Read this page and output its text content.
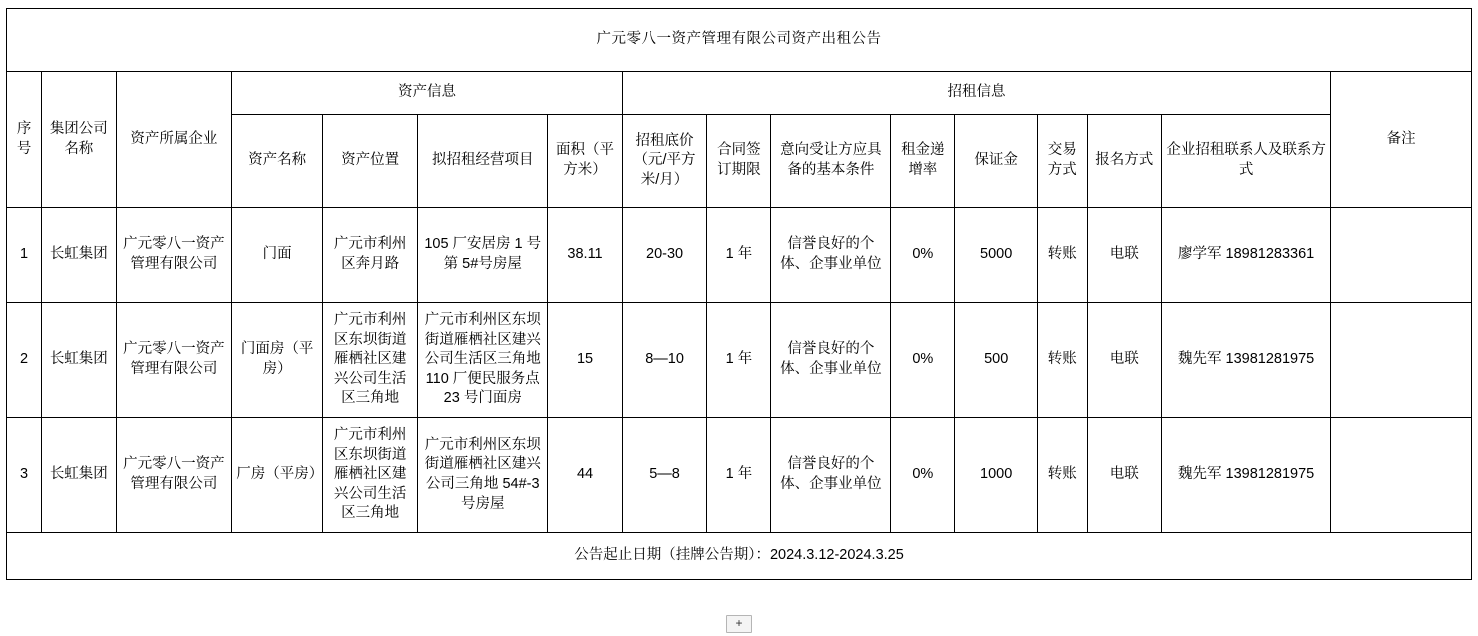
广元零八一资产管理有限公司资产出租公告															
序号	集团公司名称	资产所属企业	资产信息				招租信息								备注
			资产名称	资产位置	拟招租经营项目	面积（平方米）	招租底价（元/平方米/月）	合同签订期限	意向受让方应具备的基本条件	租金递增率	保证金	交易方式	报名方式	企业招租联系人及联系方式	
1	长虹集团	广元零八一资产管理有限公司	门面	广元市利州区奔月路	105 厂安居房 1 号第 5#号房屋	38.11	20-30	1 年	信誉良好的个体、企事业单位	0%	5000	转账	电联	廖学军 18981283361	
2	长虹集团	广元零八一资产管理有限公司	门面房（平房）	广元市利州区东坝街道雁栖社区建兴公司生活区三角地	广元市利州区东坝街道雁栖社区建兴公司生活区三角地110 厂便民服务点 23 号门面房	15	8—10	1 年	信誉良好的个体、企事业单位	0%	500	转账	电联	魏先军 13981281975	
3	长虹集团	广元零八一资产管理有限公司	厂房（平房）	广元市利州区东坝街道雁栖社区建兴公司生活区三角地	广元市利州区东坝街道雁栖社区建兴公司三角地 54#-3 号房屋	44	5—8	1 年	信誉良好的个体、企事业单位	0%	1000	转账	电联	魏先军 13981281975	
公告起止日期（挂牌公告期）：2024.3.12-2024.3.25															
+
